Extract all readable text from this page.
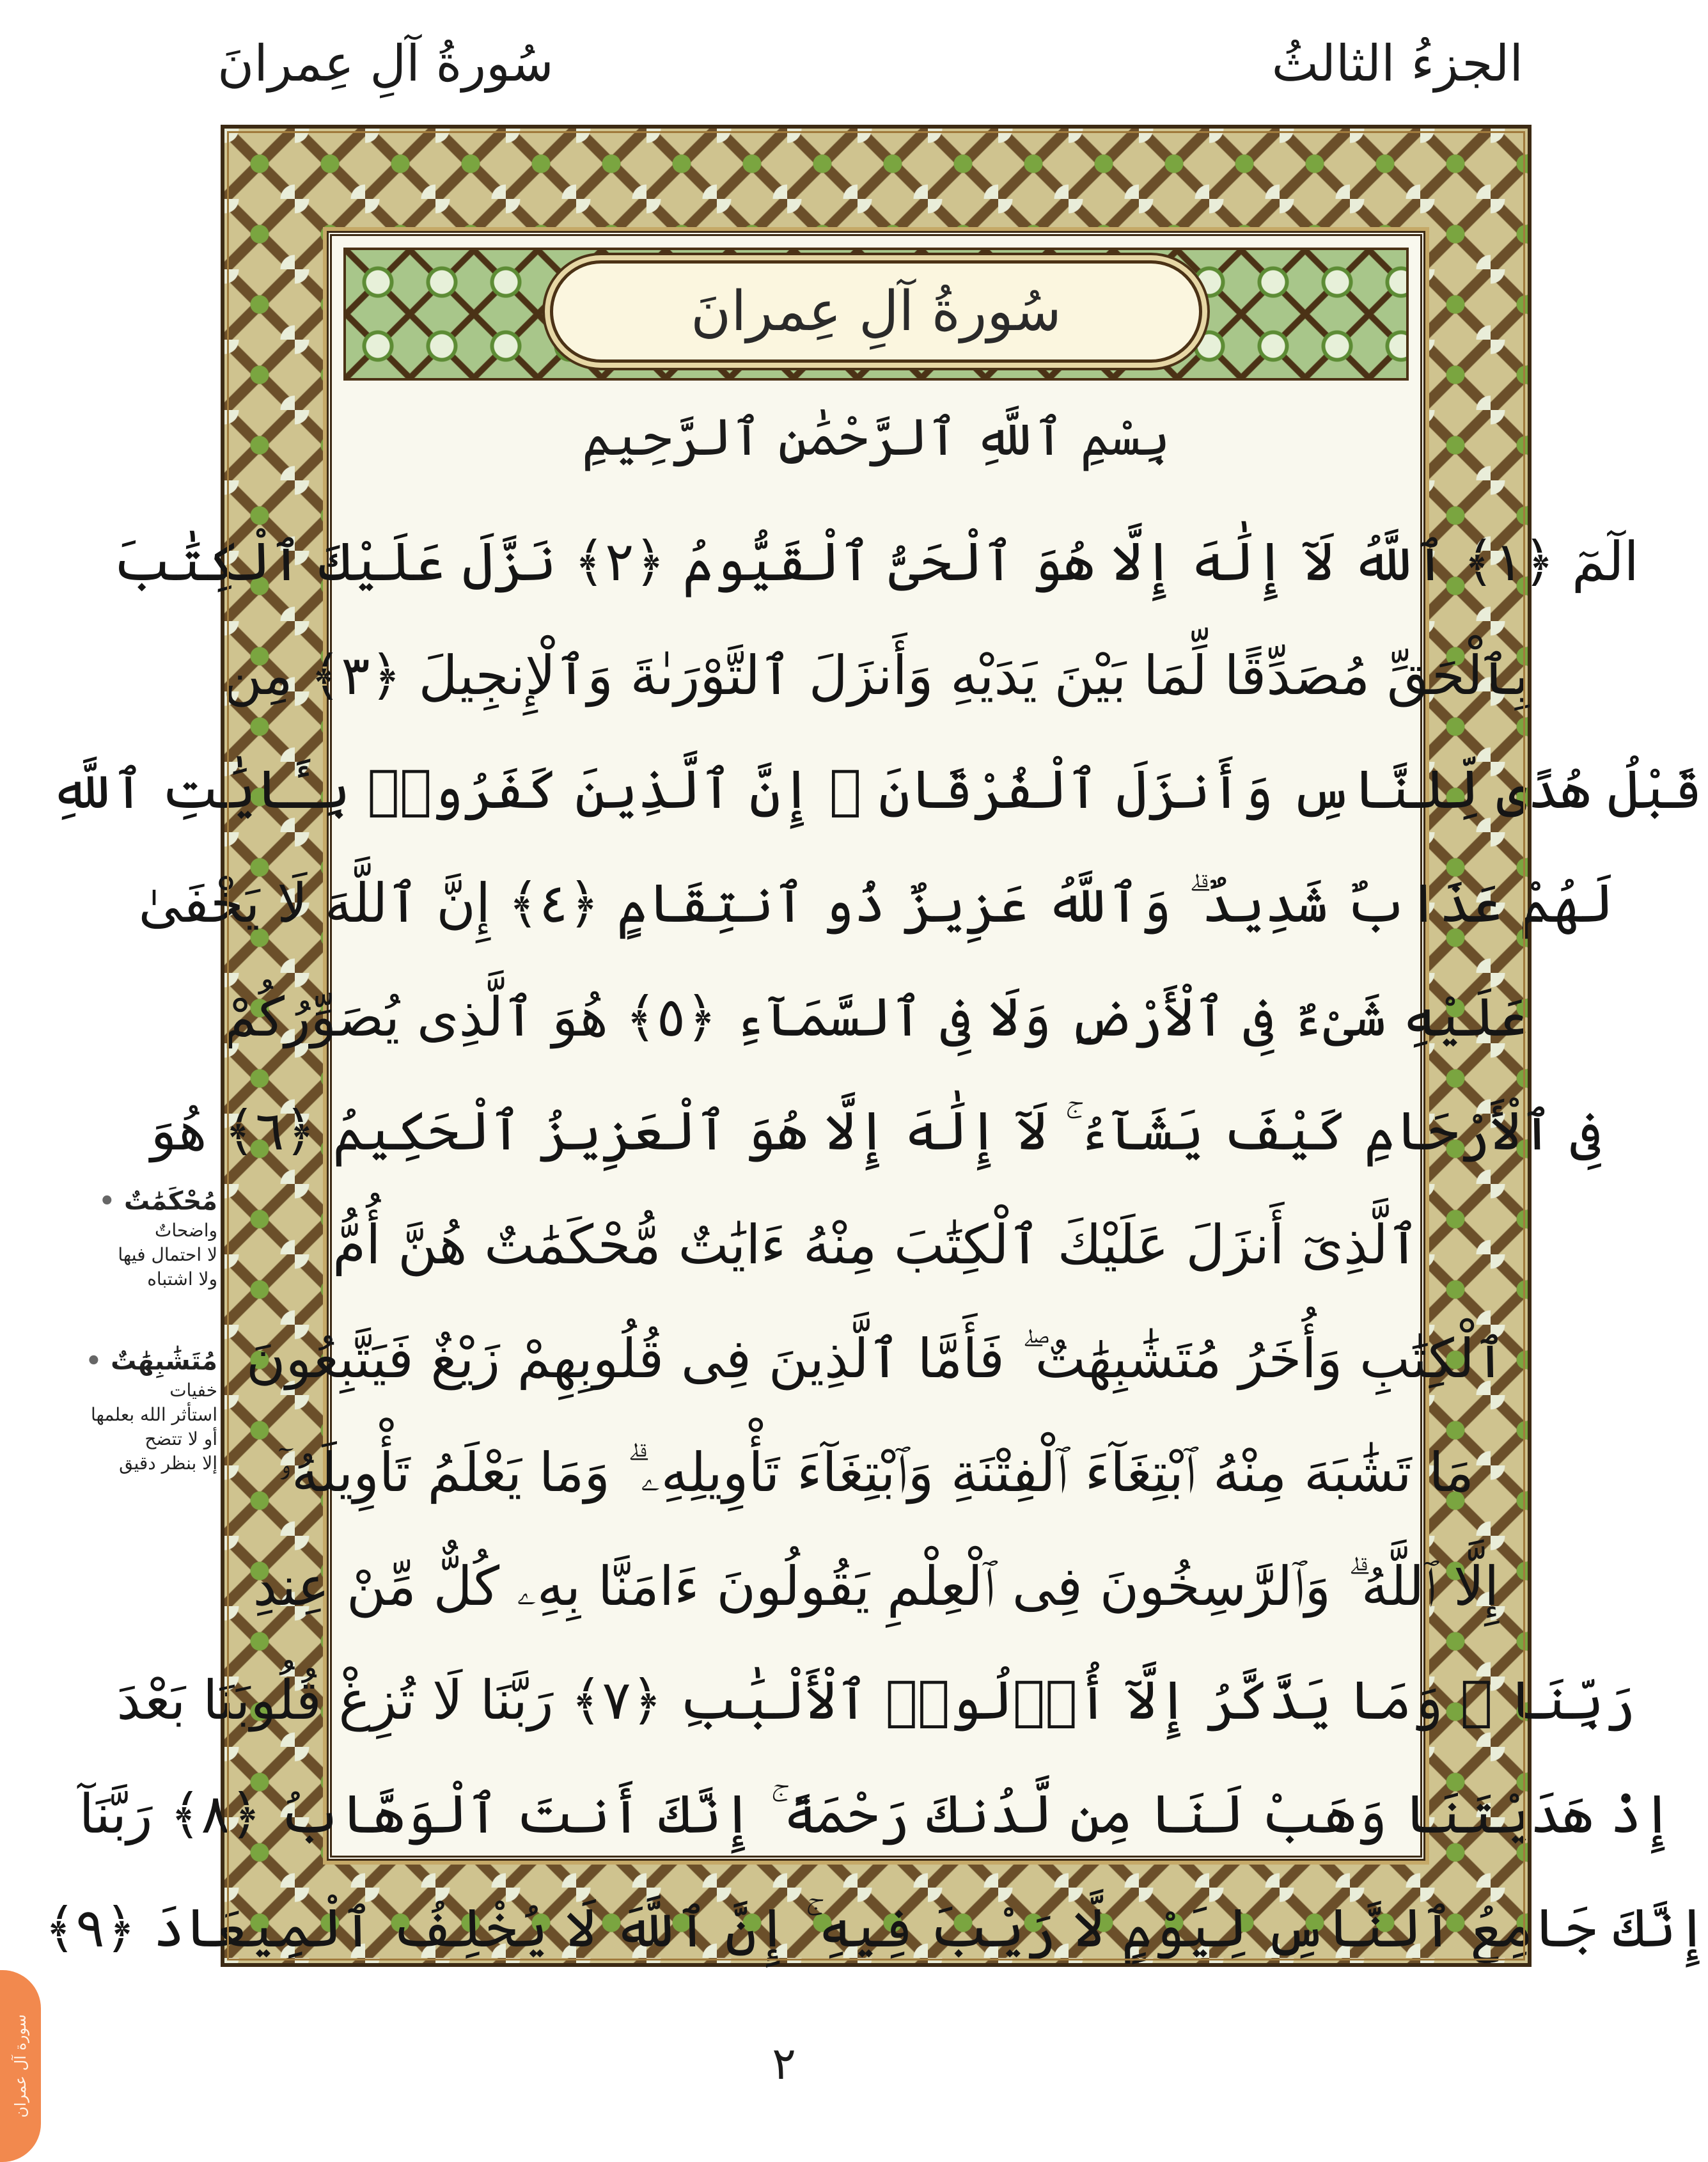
الجزءُ الثالثُ
سُورةُ آلِ عِمرانَ
سُورةُ آلِ عِمرانَ
بِسْمِ ٱللَّهِ ٱلرَّحْمَٰنِ ٱلرَّحِيمِ
الٓمٓ ﴿١﴾ ٱللَّهُ لَآ إِلَٰهَ إِلَّا هُوَ ٱلْحَىُّ ٱلْقَيُّومُ ﴿٢﴾ نَزَّلَ عَلَيْكَ ٱلْكِتَٰبَ
بِٱلْحَقِّ مُصَدِّقًا لِّمَا بَيْنَ يَدَيْهِ وَأَنزَلَ ٱلتَّوْرَىٰةَ وَٱلْإِنجِيلَ ﴿٣﴾ مِن
قَبْلُ هُدًى لِّلنَّاسِ وَأَنزَلَ ٱلْفُرْقَانَ ۗ إِنَّ ٱلَّذِينَ كَفَرُوا۟ بِـَٔايَٰتِ ٱللَّهِ
لَهُمْ عَذَابٌ شَدِيدٌ ۗ وَٱللَّهُ عَزِيزٌ ذُو ٱنتِقَامٍ ﴿٤﴾ إِنَّ ٱللَّهَ لَا يَخْفَىٰ
عَلَيْهِ شَىْءٌ فِى ٱلْأَرْضِ وَلَا فِى ٱلسَّمَآءِ ﴿٥﴾ هُوَ ٱلَّذِى يُصَوِّرُكُمْ
فِى ٱلْأَرْحَامِ كَيْفَ يَشَآءُ ۚ لَآ إِلَٰهَ إِلَّا هُوَ ٱلْعَزِيزُ ٱلْحَكِيمُ ﴿٦﴾ هُوَ
ٱلَّذِىٓ أَنزَلَ عَلَيْكَ ٱلْكِتَٰبَ مِنْهُ ءَايَٰتٌ مُّحْكَمَٰتٌ هُنَّ أُمُّ
ٱلْكِتَٰبِ وَأُخَرُ مُتَشَٰبِهَٰتٌ ۖ فَأَمَّا ٱلَّذِينَ فِى قُلُوبِهِمْ زَيْغٌ فَيَتَّبِعُونَ
مَا تَشَٰبَهَ مِنْهُ ٱبْتِغَآءَ ٱلْفِتْنَةِ وَٱبْتِغَآءَ تَأْوِيلِهِۦ ۗ وَمَا يَعْلَمُ تَأْوِيلَهُۥٓ
إِلَّا ٱللَّهُ ۗ وَٱلرَّٰسِخُونَ فِى ٱلْعِلْمِ يَقُولُونَ ءَامَنَّا بِهِۦ كُلٌّ مِّنْ عِندِ
رَبِّنَا ۗ وَمَا يَذَّكَّرُ إِلَّآ أُو۟لُوا۟ ٱلْأَلْبَٰبِ ﴿٧﴾ رَبَّنَا لَا تُزِغْ قُلُوبَنَا بَعْدَ
إِذْ هَدَيْتَنَا وَهَبْ لَنَا مِن لَّدُنكَ رَحْمَةً ۚ إِنَّكَ أَنتَ ٱلْوَهَّابُ ﴿٨﴾ رَبَّنَآ
إِنَّكَ جَامِعُ ٱلنَّاسِ لِيَوْمٍ لَّا رَيْبَ فِيهِ ۚ إِنَّ ٱللَّهَ لَا يُخْلِفُ ٱلْمِيعَادَ ﴿٩﴾
مُحْكَمَٰتٌ •
واضحاتٌ
لا احتمال فيها
ولا اشتباه
مُتَشَٰبِهَٰتٌ •
خفيات
استأثر الله بعلمها
أو لا تتضح
إلا بنظر دقيق
سورة آل عمران	٢
